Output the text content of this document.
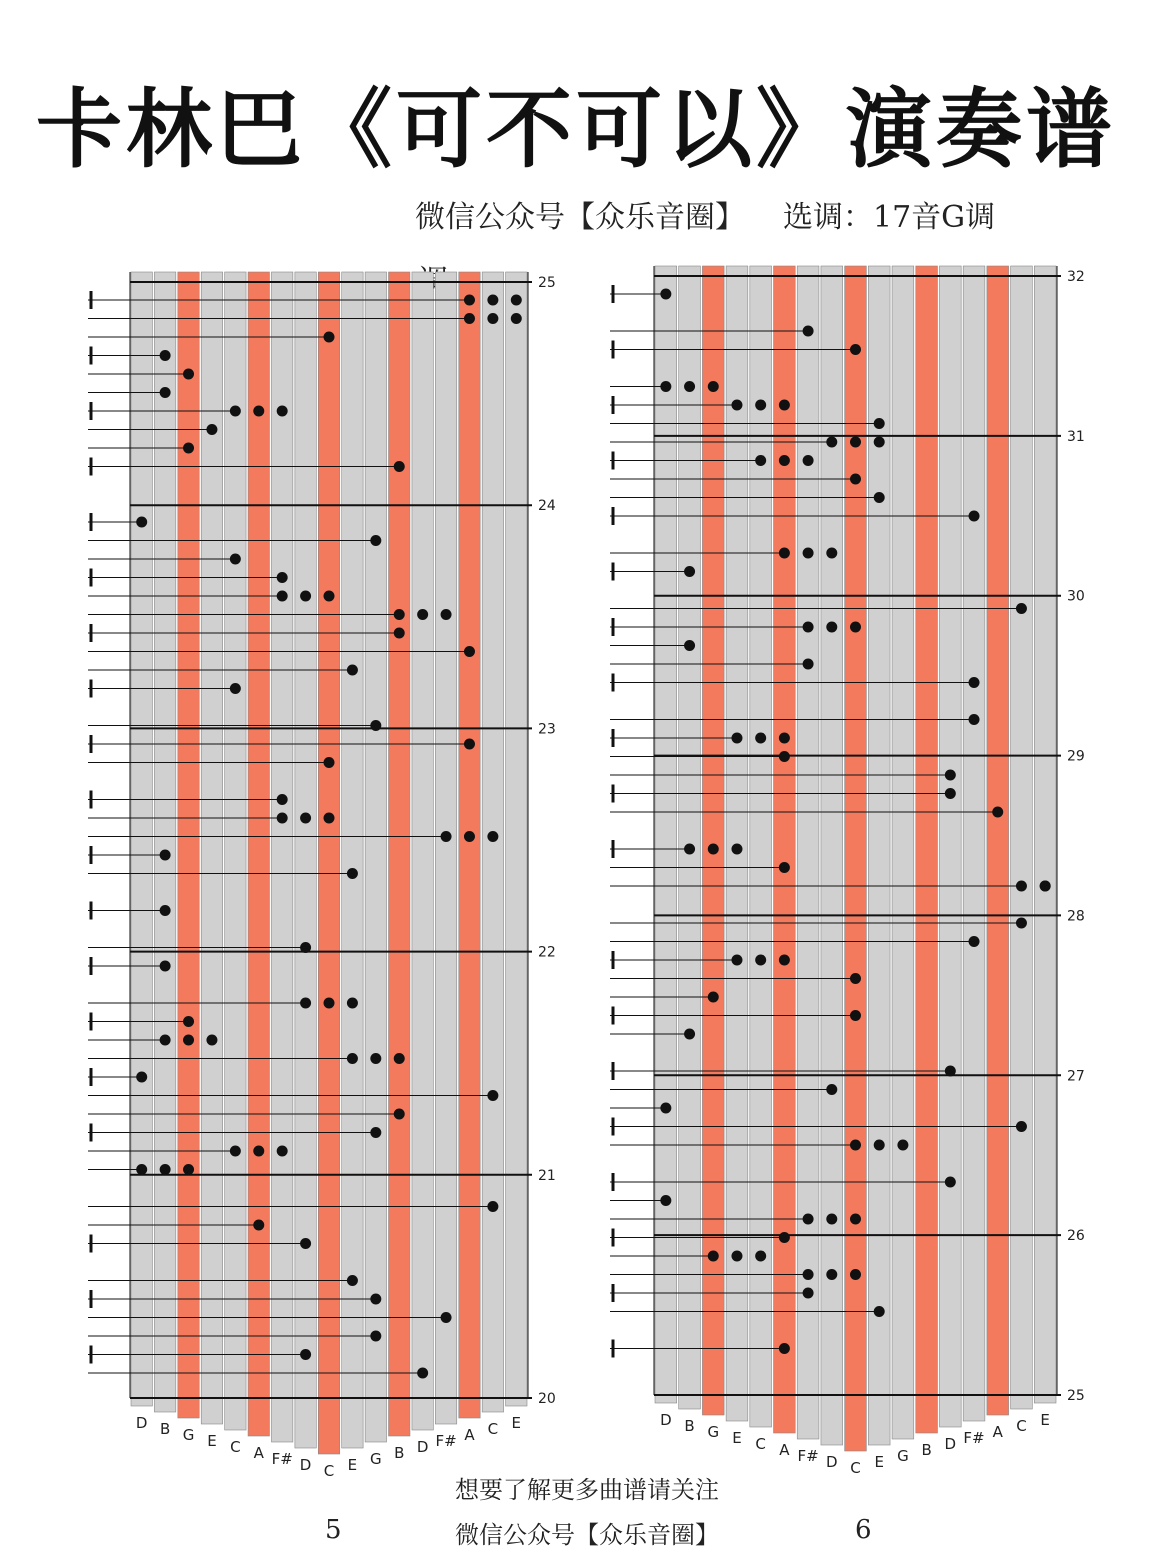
卡林巴《可不可以》演奏谱
微信公众号【众乐音圈】 选调：17音G调
D B G E C A F# D C E G B D F# A C E
25
24
23
22
21
20
D B G E C A F# D C E G B D F# A C E
32
31
30
29
28
27
26
25
想要了解更多曲谱请关注
微信公众号【众乐音圈】
5	6
